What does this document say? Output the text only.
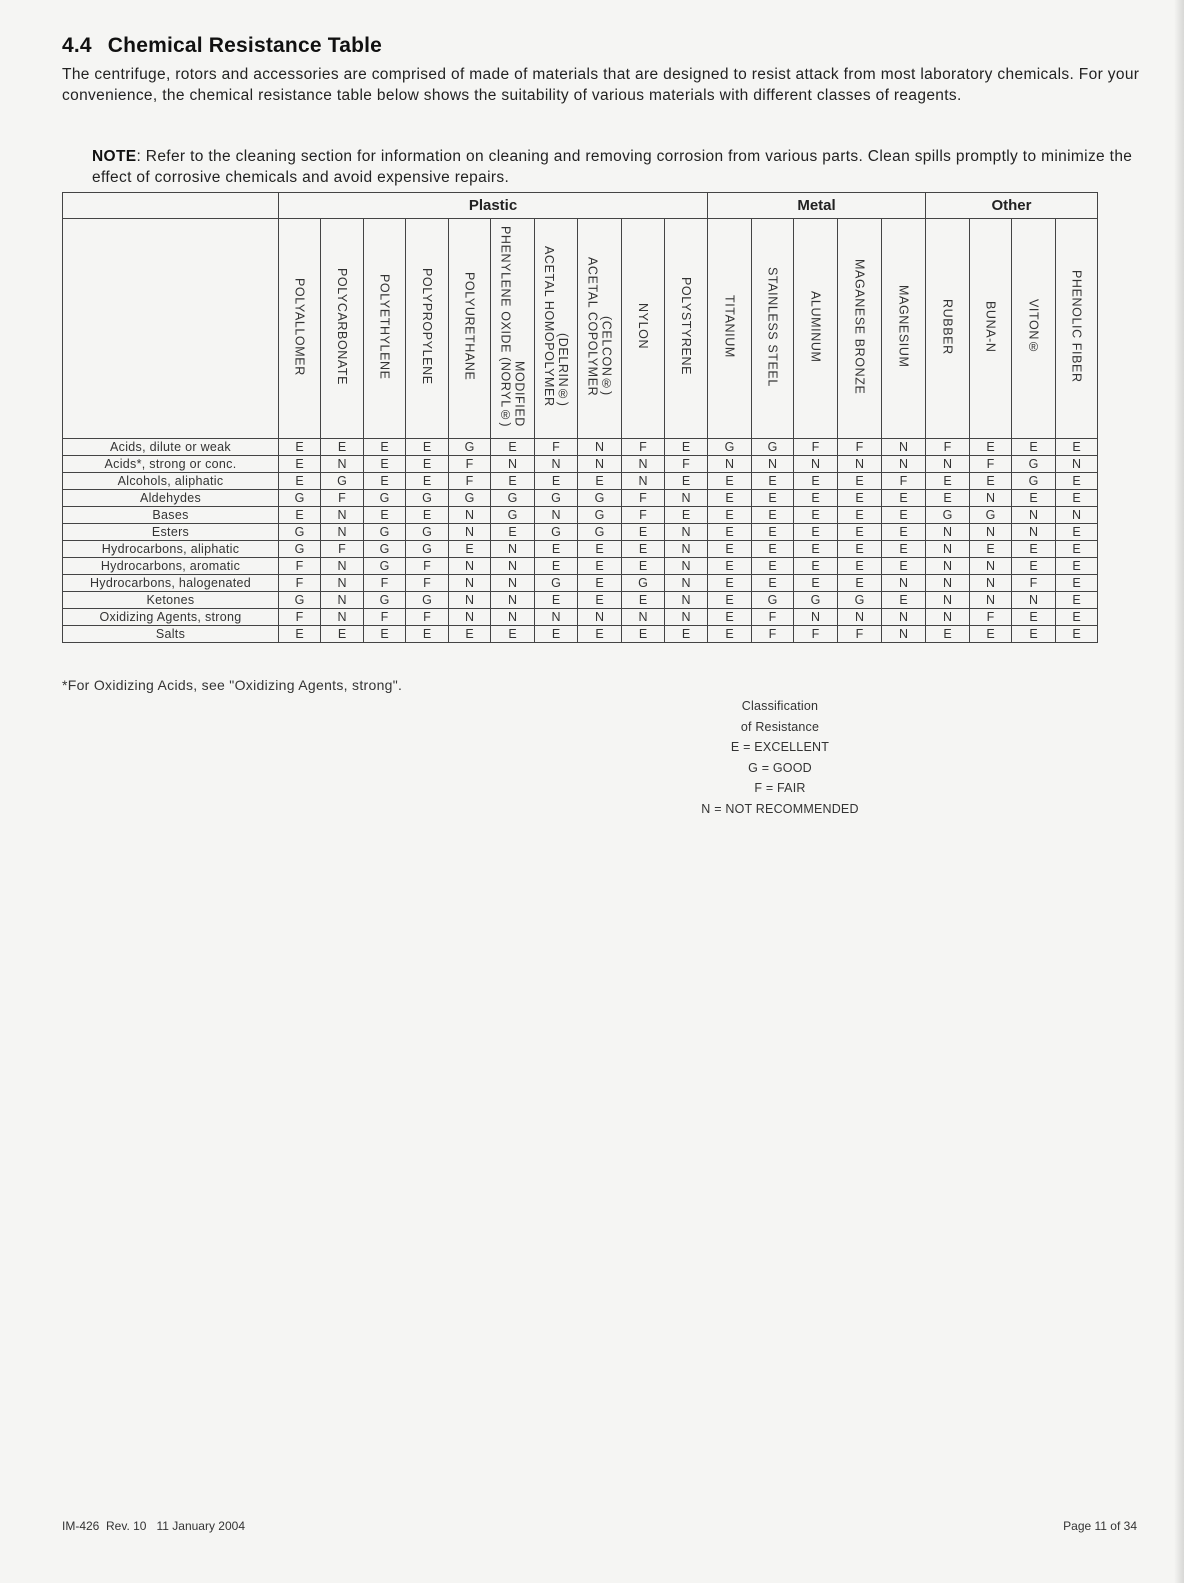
4.4 Chemical Resistance Table

The centrifuge, rotors and accessories are comprised of made of materials that are designed to resist attack from most laboratory chemicals. For your convenience, the chemical resistance table below shows the suitability of various materials with different classes of reagents.

NOTE: Refer to the cleaning section for information on cleaning and removing corrosion from various parts. Clean spills promptly to minimize the effect of corrosive chemicals and avoid expensive repairs.

	Plastic										Metal					Other			
	POLYALLOMER	POLYCARBONATE	POLYETHYLENE	POLYPROPYLENE	POLYURETHANE	PHENYLENE OXIDE (NORYL®)MODIFIED	ACETAL HOMOPOLYMER(DELRIN®)	ACETAL COPOLYMER(CELCON®)	NYLON	POLYSTYRENE	TITANIUM	STAINLESS STEEL	ALUMINUM	MAGANESE BRONZE	MAGNESIUM	RUBBER	BUNA-N	VITON®	PHENOLIC FIBER
Acids, dilute or weak	E	E	E	E	G	E	F	N	F	E	G	G	F	F	N	F	E	E	E
Acids*, strong or conc.	E	N	E	E	F	N	N	N	N	F	N	N	N	N	N	N	F	G	N
Alcohols, aliphatic	E	G	E	E	F	E	E	E	N	E	E	E	E	E	F	E	E	G	E
Aldehydes	G	F	G	G	G	G	G	G	F	N	E	E	E	E	E	E	N	E	E
Bases	E	N	E	E	N	G	N	G	F	E	E	E	E	E	E	G	G	N	N
Esters	G	N	G	G	N	E	G	G	E	N	E	E	E	E	E	N	N	N	E
Hydrocarbons, aliphatic	G	F	G	G	E	N	E	E	E	N	E	E	E	E	E	N	E	E	E
Hydrocarbons, aromatic	F	N	G	F	N	N	E	E	E	N	E	E	E	E	E	N	N	E	E
Hydrocarbons, halogenated	F	N	F	F	N	N	G	E	G	N	E	E	E	E	N	N	N	F	E
Ketones	G	N	G	G	N	N	E	E	E	N	E	G	G	G	E	N	N	N	E
Oxidizing Agents, strong	F	N	F	F	N	N	N	N	N	N	E	F	N	N	N	N	F	E	E
Salts	E	E	E	E	E	E	E	E	E	E	E	F	F	F	N	E	E	E	E
*For Oxidizing Acids, see "Oxidizing Agents, strong".
Classification
of Resistance
E = EXCELLENT
G = GOOD
F = FAIR
N = NOT RECOMMENDED
IM-426  Rev. 10   11 January 2004	Page 11 of 34
